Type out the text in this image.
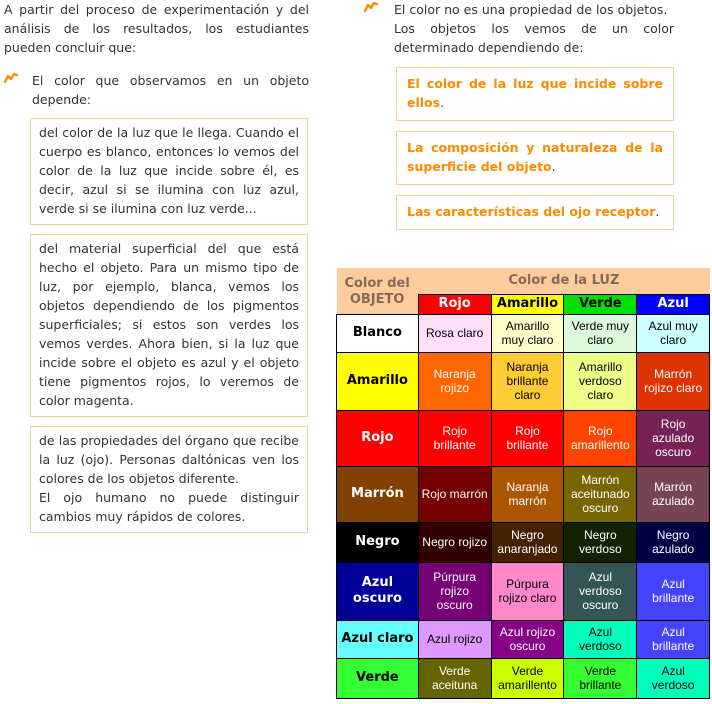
A partir del proceso de experimentación y del análisis de los resultados, los estudiantes pueden concluir que:

El color que observamos en un objeto depende:
del color de la luz que le llega. Cuando el cuerpo es blanco, entonces lo vemos del color de la luz que incide sobre él, es decir, azul si se ilumina con luz azul, verde si se ilumina con luz verde...
del material superficial del que está hecho el objeto. Para un mismo tipo de luz, por ejemplo, blanca, vemos los objetos dependiendo de los pigmentos superficiales; si estos son verdes los vemos verdes. Ahora bien, si la luz que incide sobre el objeto es azul y el objeto tiene pigmentos rojos, lo veremos de color magenta.
de las propiedades del órgano que recibe la luz (ojo). Personas daltónicas ven los colores de los objetos diferente.
El ojo humano no puede distinguir cambios muy rápidos de colores.
El color no es una propiedad de los objetos.
Los objetos los vemos de un color determinado dependiendo de:
El color de la luz que incide sobre ellos.
La composición y naturaleza de la superficie del objeto.
Las características del ojo receptor.
Color del OBJETO	Color de la LUZ			
	Rojo	Amarillo	Verde	Azul
Blanco	Rosa claro	Amarillo muy claro	Verde muy claro	Azul muy claro
Amarillo	Naranja rojizo	Naranja brillante claro	Amarillo verdoso claro	Marrón rojizo claro
Rojo	Rojo brillante	Rojo brillante	Rojo amarillento	Rojo azulado oscuro
Marrón	Rojo marrón	Naranja marrón	Marrón aceitunado oscuro	Marrón azulado
Negro	Negro rojizo	Negro anaranjado	Negro verdoso	Negro azulado
Azul oscuro	Púrpura rojizo oscuro	Púrpura rojizo claro	Azul verdoso oscuro	Azul brillante
Azul claro	Azul rojizo	Azul rojizo oscuro	Azul verdoso	Azul brillante
Verde	Verde aceituna	Verde amarillento	Verde brillante	Azul verdoso
